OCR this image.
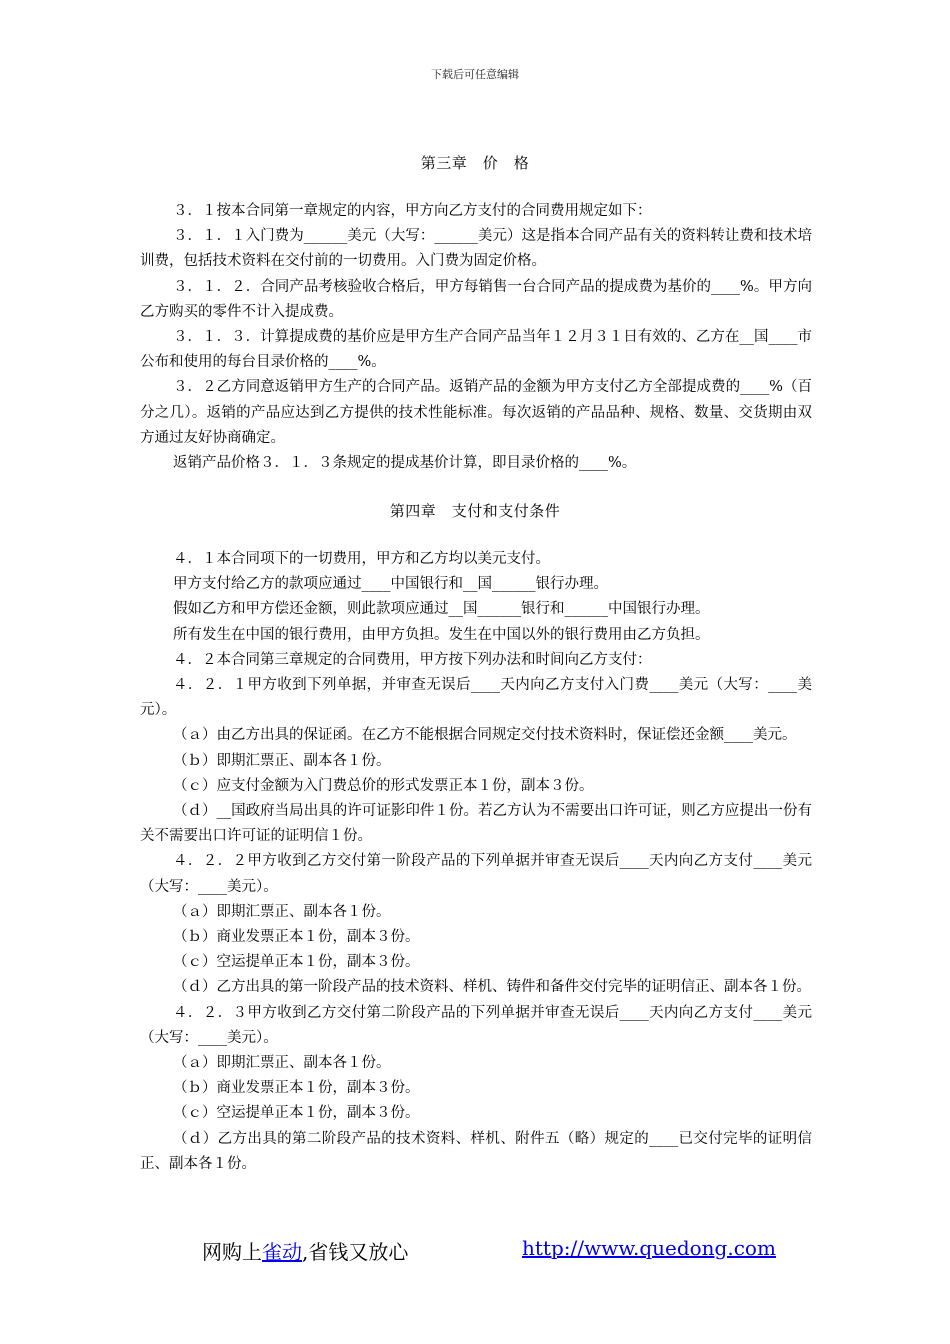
下载后可任意编辑
第三章　价　格

３．１按本合同第一章规定的内容，甲方向乙方支付的合同费用规定如下：

３．１．１入门费为______美元（大写：______美元）这是指本合同产品有关的资料转让费和技术培训费，包括技术资料在交付前的一切费用。入门费为固定价格。

３．１．２．合同产品考核验收合格后，甲方每销售一台合同产品的提成费为基价的____%。甲方向乙方购买的零件不计入提成费。

３．１．３．计算提成费的基价应是甲方生产合同产品当年１２月３１日有效的、乙方在__国____市公布和使用的每台目录价格的____%。

３．２乙方同意返销甲方生产的合同产品。返销产品的金额为甲方支付乙方全部提成费的____%（百分之几）。返销的产品应达到乙方提供的技术性能标准。每次返销的产品品种、规格、数量、交货期由双方通过友好协商确定。

返销产品价格３．１．３条规定的提成基价计算，即目录价格的____%。

第四章　支付和支付条件

４．１本合同项下的一切费用，甲方和乙方均以美元支付。

甲方支付给乙方的款项应通过____中国银行和__国______银行办理。

假如乙方和甲方偿还金额，则此款项应通过__国______银行和______中国银行办理。

所有发生在中国的银行费用，由甲方负担。发生在中国以外的银行费用由乙方负担。

４．２本合同第三章规定的合同费用，甲方按下列办法和时间向乙方支付：

４．２．１甲方收到下列单据，并审查无误后____天内向乙方支付入门费____美元（大写：____美元）。

（ａ）由乙方出具的保证函。在乙方不能根据合同规定交付技术资料时，保证偿还金额____美元。

（ｂ）即期汇票正、副本各１份。

（ｃ）应支付金额为入门费总价的形式发票正本１份，副本３份。

（ｄ）__国政府当局出具的许可证影印件１份。若乙方认为不需要出口许可证，则乙方应提出一份有关不需要出口许可证的证明信１份。

４．２．２甲方收到乙方交付第一阶段产品的下列单据并审查无误后____天内向乙方支付____美元（大写：____美元）。

（ａ）即期汇票正、副本各１份。

（ｂ）商业发票正本１份，副本３份。

（ｃ）空运提单正本１份，副本３份。

（ｄ）乙方出具的第一阶段产品的技术资料、样机、铸件和备件交付完毕的证明信正、副本各１份。

４．２．３甲方收到乙方交付第二阶段产品的下列单据并审查无误后____天内向乙方支付____美元（大写：____美元）。

（ａ）即期汇票正、副本各１份。

（ｂ）商业发票正本１份，副本３份。

（ｃ）空运提单正本１份，副本３份。

（ｄ）乙方出具的第二阶段产品的技术资料、样机、附件五（略）规定的____已交付完毕的证明信正、副本各１份。

网购上雀动,省钱又放心	http://www.quedong.com
